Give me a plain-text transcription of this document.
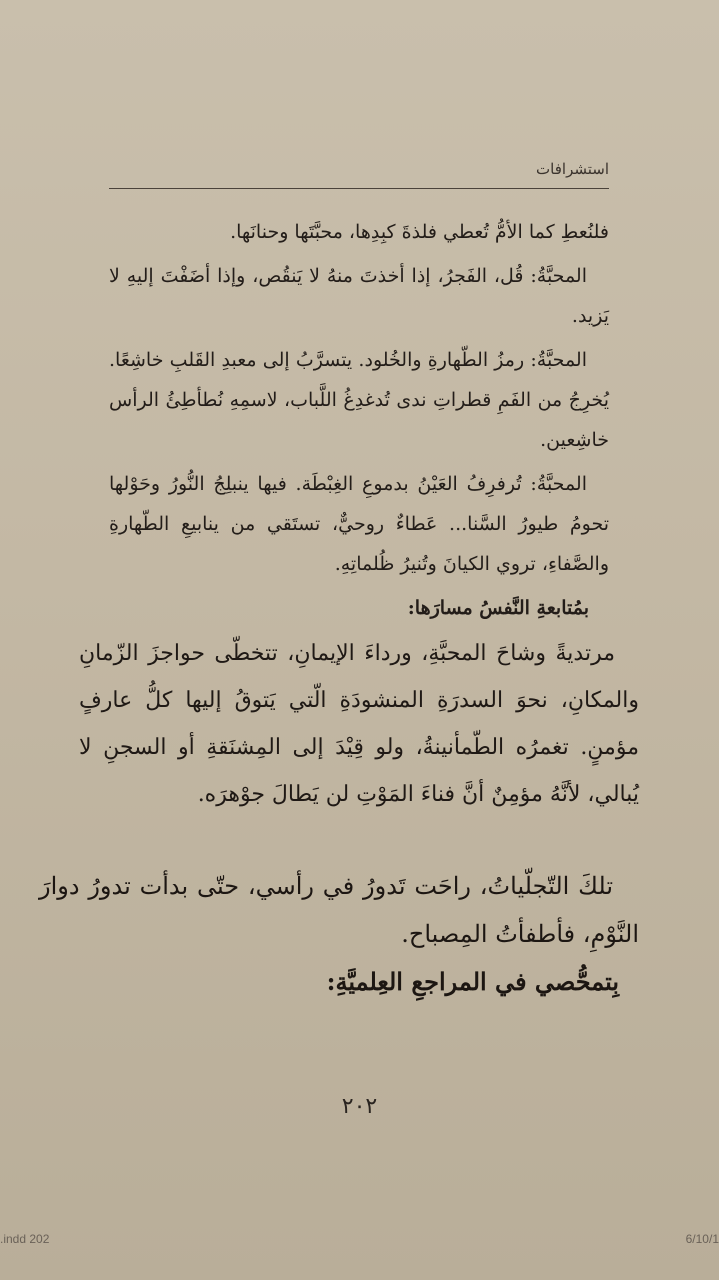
استشرافات

فلنُعطِ كما الأمُّ تُعطي فلذةَ كبِدِها، محبَّتَها وحنانَها.

المحبَّةُ: قُل، الفَجرُ، إذا أخذتَ منهُ لا يَنقُص، وإذا أضَفْتَ إليهِ لا يَزيد.

المحبَّةُ: رمزُ الطّهارةِ والخُلود. يتسرَّبُ إلى معبدِ القَلبِ خاشِعًا. يُخرِجُ من الفَمِ قطراتِ ندى تُدغدِغُ اللَّباب، لاسمِهِ نُطأطِئُ الرأس خاشِعين.

المحبَّةُ: تُرفرِفُ العَيْنُ بدموعِ الغِبْطَة. فيها ينبلِجُ النُّورُ وحَوْلها تحومُ طيورُ السَّنا... عَطاءٌ روحيٌّ، تستَقي من ينابيعِ الطّهارةِ والصَّفاءِ، تروي الكيانَ وتُنيرُ ظُلماتِهِ.

بمُتابعةِ النَّفسُ مسارَها:

مرتديةً وشاحَ المحبَّةِ، ورداءَ الإيمانِ، تتخطّى حواجزَ الزّمانِ والمكانِ، نحوَ السدرَةِ المنشودَةِ الّتي يَتوقُ إليها كلُّ عارفٍ مؤمنٍ. تغمرُه الطّمأنينةُ، ولو قِيْدَ إلى المِشنَقةِ أو السجنِ لا يُبالي، لأنَّهُ مؤمِنٌ أنَّ فناءَ المَوْتِ لن يَطالَ جوْهرَه.

تلكَ التّجلّياتُ، راحَت تَدورُ في رأسي، حتّى بدأت تدورُ دوارَ النَّوْمِ، فأطفأتُ المِصباح.

بِتمحُّصي في المراجعِ العِلميَّةِ:

٢٠٢
.indd 202	6/10/1
